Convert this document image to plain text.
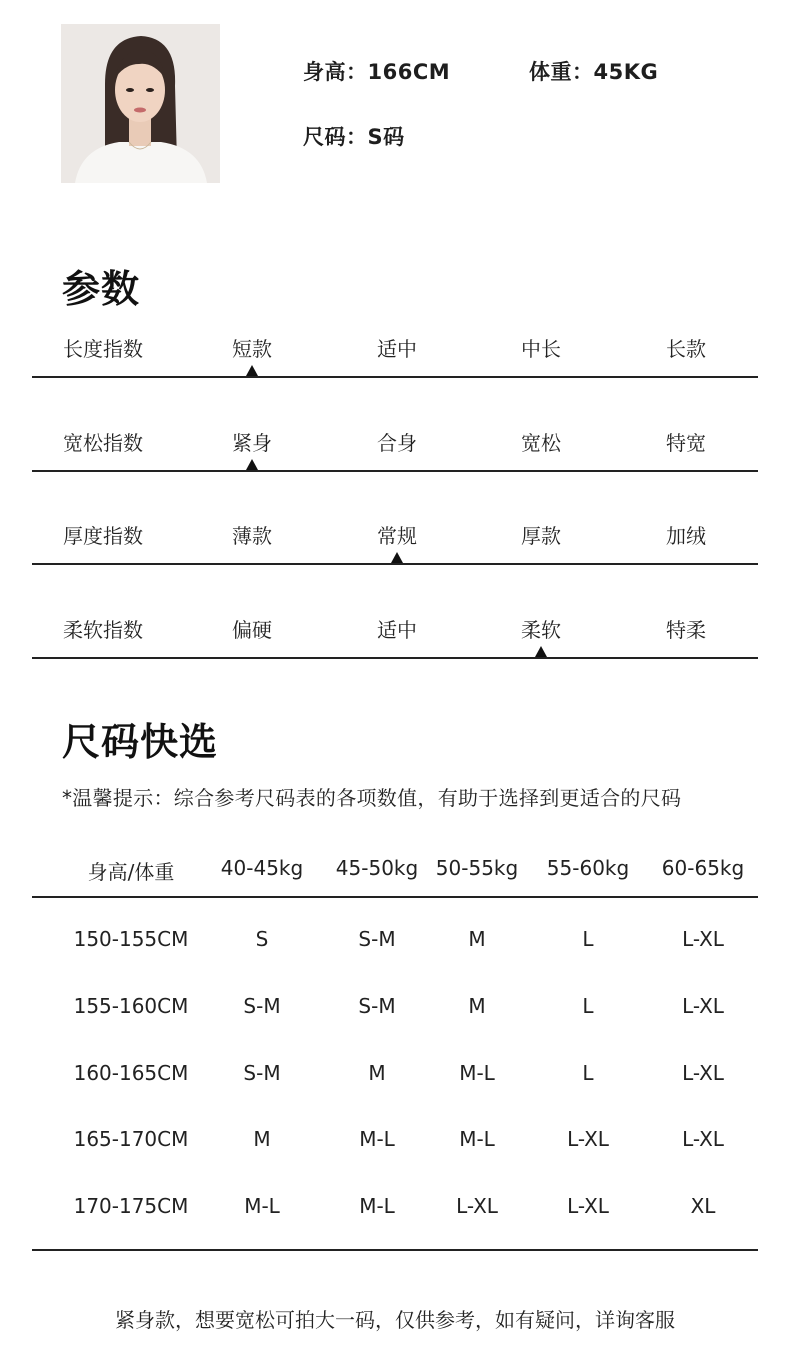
身高：166CM	体重：45KG
尺码：S码
参数
长度指数	短款	适中	中长	长款
宽松指数	紧身	合身	宽松	特宽
厚度指数	薄款	常规	厚款	加绒
柔软指数	偏硬	适中	柔软	特柔
尺码快选
*温馨提示：综合参考尺码表的各项数值，有助于选择到更适合的尺码
身高/体重	40-45kg	45-50kg 50-55kg	55-60kg	60-65kg
150-155CM	S	S-M	M	L	L-XL
155-160CM	S-M	S-M	M	L	L-XL
160-165CM	S-M	M	M-L	L	L-XL
165-170CM	M	M-L	M-L	L-XL	L-XL
170-175CM	M-L	M-L	L-XL	L-XL	XL
紧身款，想要宽松可拍大一码，仅供参考，如有疑问，详询客服
